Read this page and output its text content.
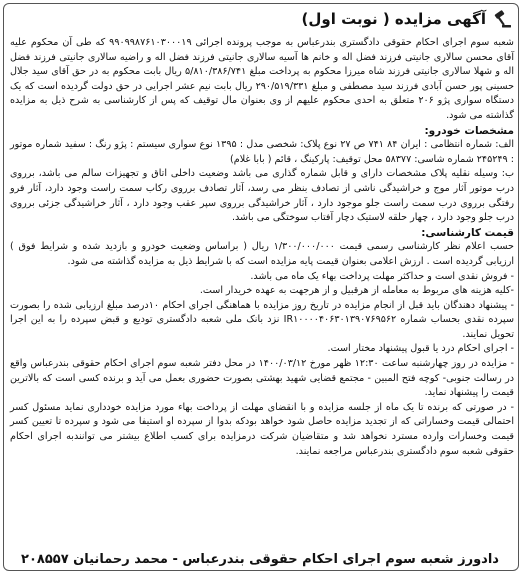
آگهی مزایده ( نوبت اول)

شعبه سوم اجرای احکام حقوقی دادگستری بندرعباس به موجب پرونده اجرائی ۹۹۰۹۹۸۷۶۱۰۳۰۰۰۱۹ که طی آن محکوم علیه آقای محسن سالاری جانیتی فرزند فضل اله و خانم ها آسیه سالاری جانیتی فرزند فضل اله و راضیه سالاری جانیتی فرزند فضل اله و شهلا سالاری جانیتی فرزند شاه میرزا محکوم به پرداخت مبلغ ۵/۸۱۰/۳۸۶/۷۴۱ ریال بابت محکوم به در حق آقای سید جلال حسینی پور حسن آبادی فرزند سید مصطفی و مبلغ ۲۹۰/۵۱۹/۳۳۱ ریال بابت نیم عشر اجرایی در حق دولت گردیده است که یک دستگاه سواری پژو ۲۰۶ متعلق به احدی محکوم علیهم از وی بعنوان مال توقیف که پس از کارشناسی به شرح ذیل به مزایده گذاشته می شود.

مشخصات خودرو:

الف: شماره انتظامی : ایران ۸۴ ۷۴۱ ص ۲۷ نوع پلاک: شخصی مدل : ۱۳۹۵ نوع سواری سیستم : پژو رنگ : سفید شماره موتور : ۲۴۵۲۴۹ شماره شاسی: ۵۸۳۷۷ محل توقیف: پارکینگ ، قائم ( بابا غلام)

ب: وسیله نقلیه پلاک مشخصات دارای و قابل شماره گذاری می باشد وضعیت داخلی اتاق و تجهیزات سالم می باشد، برروی درب موتور آثار موج و خراشیدگی ناشی از تصادف بنظر می رسد، آثار تصادف برروی رکاب سمت راست وجود دارد، آثار فرو رفتگی برروی درب سمت راست جلو موجود دارد ، آثار خراشیدگی برروی سپر عقب وجود دارد ، آثار خراشیدگی جزئی برروی درب جلو وجود دارد ، چهار حلقه لاستیک دچار آفتاب سوختگی می باشد.

قیمت کارشناسی:

حسب اعلام نظر کارشناسی رسمی قیمت ۱/۳۰۰/۰۰۰/۰۰۰ ریال ( براساس وضعیت خودرو و بازدید شده و شرایط فوق ) ارزیابی گردیده است . ارزش اعلامی بعنوان قیمت پایه مزایده است که با شرایط ذیل به مزایده گذاشته می شود.

- فروش نقدی است و حداکثر مهلت پرداخت بهاء یک ماه می باشد.

-کلیه هزینه های مربوط به معامله از هرقبیل و از هرجهت به عهده خریدار است.

- پیشنهاد دهندگان باید قبل از انجام مزایده در تاریخ روز مزایده با هماهنگی اجرای احکام ۱۰درصد مبلغ ارزیابی شده را بصورت سپرده نقدی بحساب شماره IR۱۰۰۰۰۴۰۶۳۰۱۳۹۰۷۶۹۵۶۲ نزد بانک ملی شعبه دادگستری تودیع و قبض سپرده را به این اجرا تحویل نمایند.

- اجرای احکام درد یا قبول پیشنهاد مختار است.

- مزایده در روز چهارشنبه ساعت ۱۲:۳۰ ظهر مورخ ۱۴۰۰/۰۳/۱۲ در محل دفتر شعبه سوم اجرای احکام حقوقی بندرعباس واقع در رسالت جنوبی- کوچه فتح المبین - مجتمع قضایی شهید بهشتی بصورت حضوری بعمل می آید و برنده کسی است که بالاترین قیمت را پیشنهاد نماید.

- در صورتی که برنده تا یک ماه از جلسه مزایده و با انقضای مهلت از پرداخت بهاء مورد مزایده خودداری نماید مسئول کسر احتمالی قیمت وخساراتی که از تجدید مزایده حاصل شود خواهد بودکه بدوا از سپرده او استیفا می شود و سپرده تا تعیین کسر قیمت وخسارات وارده مسترد نخواهد شد و متقاضیان شرکت درمزایده برای کسب اطلاع بیشتر می توانندبه اجرای احکام حقوقی شعبه سوم دادگستری بندرعباس مراجعه نمایند.

دادورز شعبه سوم اجرای احکام حقوقی بندرعباس - محمد رحمانیان ۲۰۸۵۵۷
